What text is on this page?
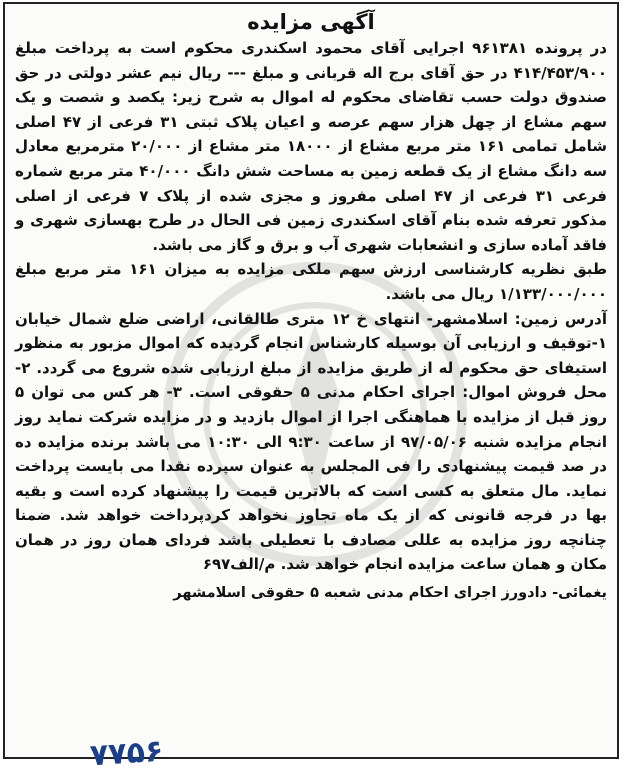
آگهی مزایده

در پرونده ۹۶۱۳۸۱ اجرایی آقای محمود اسکندری محکوم است به پرداخت مبلغ ۴۱۴/۴۵۳/۹۰۰ در حق آقای برج اله قربانی و مبلغ --- ریال نیم عشر دولتی در حق صندوق دولت حسب تقاضای محکوم له اموال به شرح زیر: یکصد و شصت و یک سهم مشاع از چهل هزار سهم عرصه و اعیان پلاک ثبتی ۳۱ فرعی از ۴۷ اصلی شامل تمامی ۱۶۱ متر مربع مشاع از ۱۸۰۰۰ متر مشاع از ۲۰/۰۰۰ مترمربع معادل سه دانگ مشاع از یک قطعه زمین به مساحت شش دانگ ۴۰/۰۰۰ متر مربع شماره فرعی ۳۱ فرعی از ۴۷ اصلی مفروز و مجزی شده از پلاک ۷ فرعی از اصلی مذکور تعرفه شده بنام آقای اسکندری زمین فی الحال در طرح بهسازی شهری و فاقد آماده سازی و انشعابات شهری آب و برق و گاز می باشد.

طبق نظریه کارشناسی ارزش سهم ملکی مزایده به میزان ۱۶۱ متر مربع مبلغ ۱/۱۳۳/۰۰۰/۰۰۰ ریال می باشد.

آدرس زمین: اسلامشهر- انتهای خ ۱۲ متری طالقانی، اراضی ضلع شمال خیابان ۱-توقیف و ارزیابی آن بوسیله کارشناس انجام گردیده که اموال مزبور به منظور استیفای حق محکوم له از طریق مزایده از مبلغ ارزیابی شده شروع می گردد. ۲- محل فروش اموال: اجرای احکام مدنی ۵ حقوقی است. ۳- هر کس می توان ۵ روز قبل از مزایده با هماهنگی اجرا از اموال بازدید و در مزایده شرکت نماید روز انجام مزایده شنبه ۹۷/۰۵/۰۶ از ساعت ۹:۳۰ الی ۱۰:۳۰ می باشد برنده مزایده ده در صد قیمت پیشنهادی را فی المجلس به عنوان سپرده نقدا می بایست پرداخت نماید. مال متعلق به کسی است که بالاترین قیمت را پیشنهاد کرده است و بقیه بها در فرجه قانونی که از یک ماه تجاوز نخواهد کردپرداخت خواهد شد. ضمنا چنانچه روز مزایده به عللی مصادف با تعطیلی باشد فردای همان روز در همان مکان و همان ساعت مزایده انجام خواهد شد. م/الف۶۹۷

یغمائی- دادورز اجرای احکام مدنی شعبه ۵ حقوقی اسلامشهر
۷۷۵۶
